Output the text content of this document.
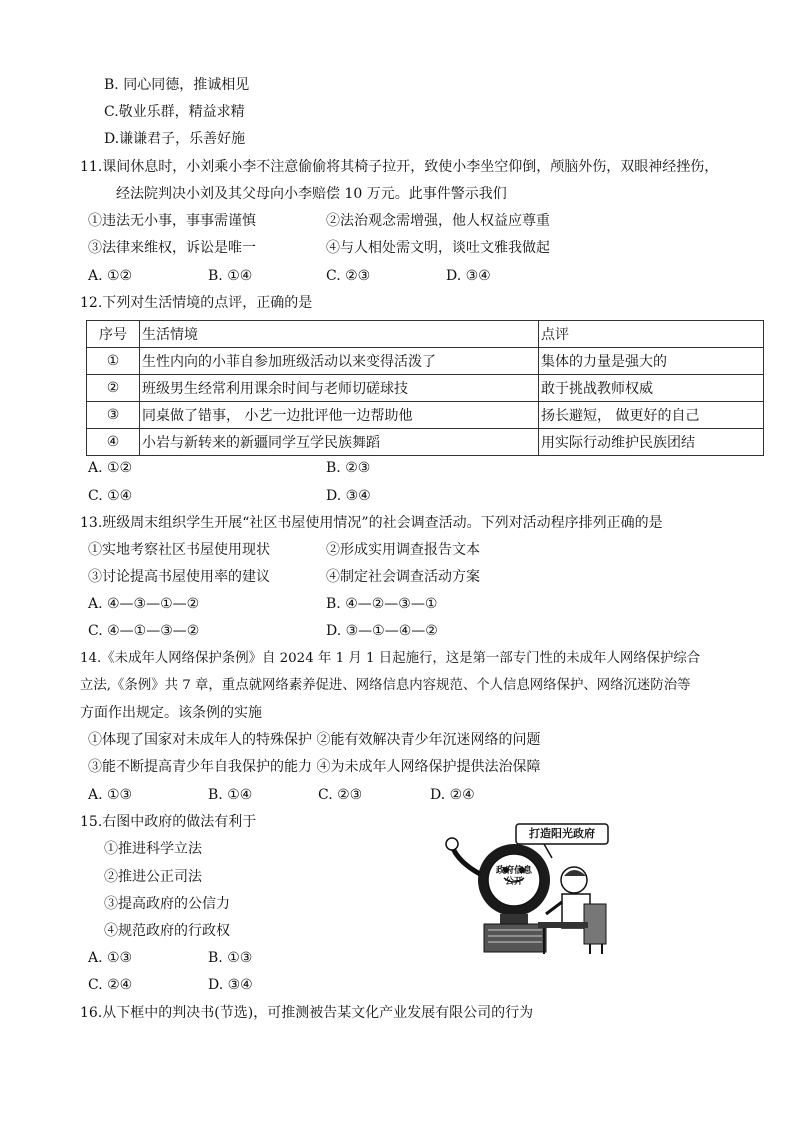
B. 同心同德，推诚相见
C.敬业乐群，精益求精
D.谦谦君子，乐善好施
11.课间休息时，小刘乘小李不注意偷偷将其椅子拉开，致使小李坐空仰倒，颅脑外伤，双眼神经挫伤，
经法院判决小刘及其父母向小李赔偿 10 万元。此事件警示我们
①违法无小事，事事需谨慎	②法治观念需增强，他人权益应尊重
③法律来维权，诉讼是唯一	④与人相处需文明，谈吐文雅我做起
A. ①②	B. ①④	C. ②③	D. ③④
12.下列对生活情境的点评，正确的是
序号	生活情境	点评
①	生性内向的小菲自参加班级活动以来变得活泼了	集体的力量是强大的
②	班级男生经常利用课余时间与老师切磋球技	敢于挑战教师权威
③	同桌做了错事， 小艺一边批评他一边帮助他	扬长避短， 做更好的自己
④	小岩与新转来的新疆同学互学民族舞蹈	用实际行动维护民族团结
A. ①②	B. ②③
C. ①④	D. ③④
13.班级周末组织学生开展“社区书屋使用情况”的社会调查活动。下列对活动程序排列正确的是
①实地考察社区书屋使用现状	②形成实用调查报告文本
③讨论提高书屋使用率的建议	④制定社会调查活动方案
A. ④—③—①—②	B. ④—②—③—①
C. ④—①—③—②	D. ③—①—④—②
14.《未成年人网络保护条例》自 2024 年 1 月 1 日起施行，这是第一部专门性的未成年人网络保护综合
立法,《条例》共 7 章，重点就网络素养促进、网络信息内容规范、个人信息网络保护、网络沉迷防治等
方面作出规定。该条例的实施
①体现了国家对未成年人的特殊保护 ②能有效解决青少年沉迷网络的问题
③能不断提高青少年自我保护的能力 ④为未成年人网络保护提供法治保障
A. ①③	B. ①④	C. ②③	D. ②④
15.右图中政府的做法有利于
①推进科学立法
②推进公正司法
③提高政府的公信力
④规范政府的行政权
A. ①③	B. ①③
C. ②④	D. ③④
打造阳光政府
政府信息公开
16.从下框中的判决书(节选)，可推测被告某文化产业发展有限公司的行为
